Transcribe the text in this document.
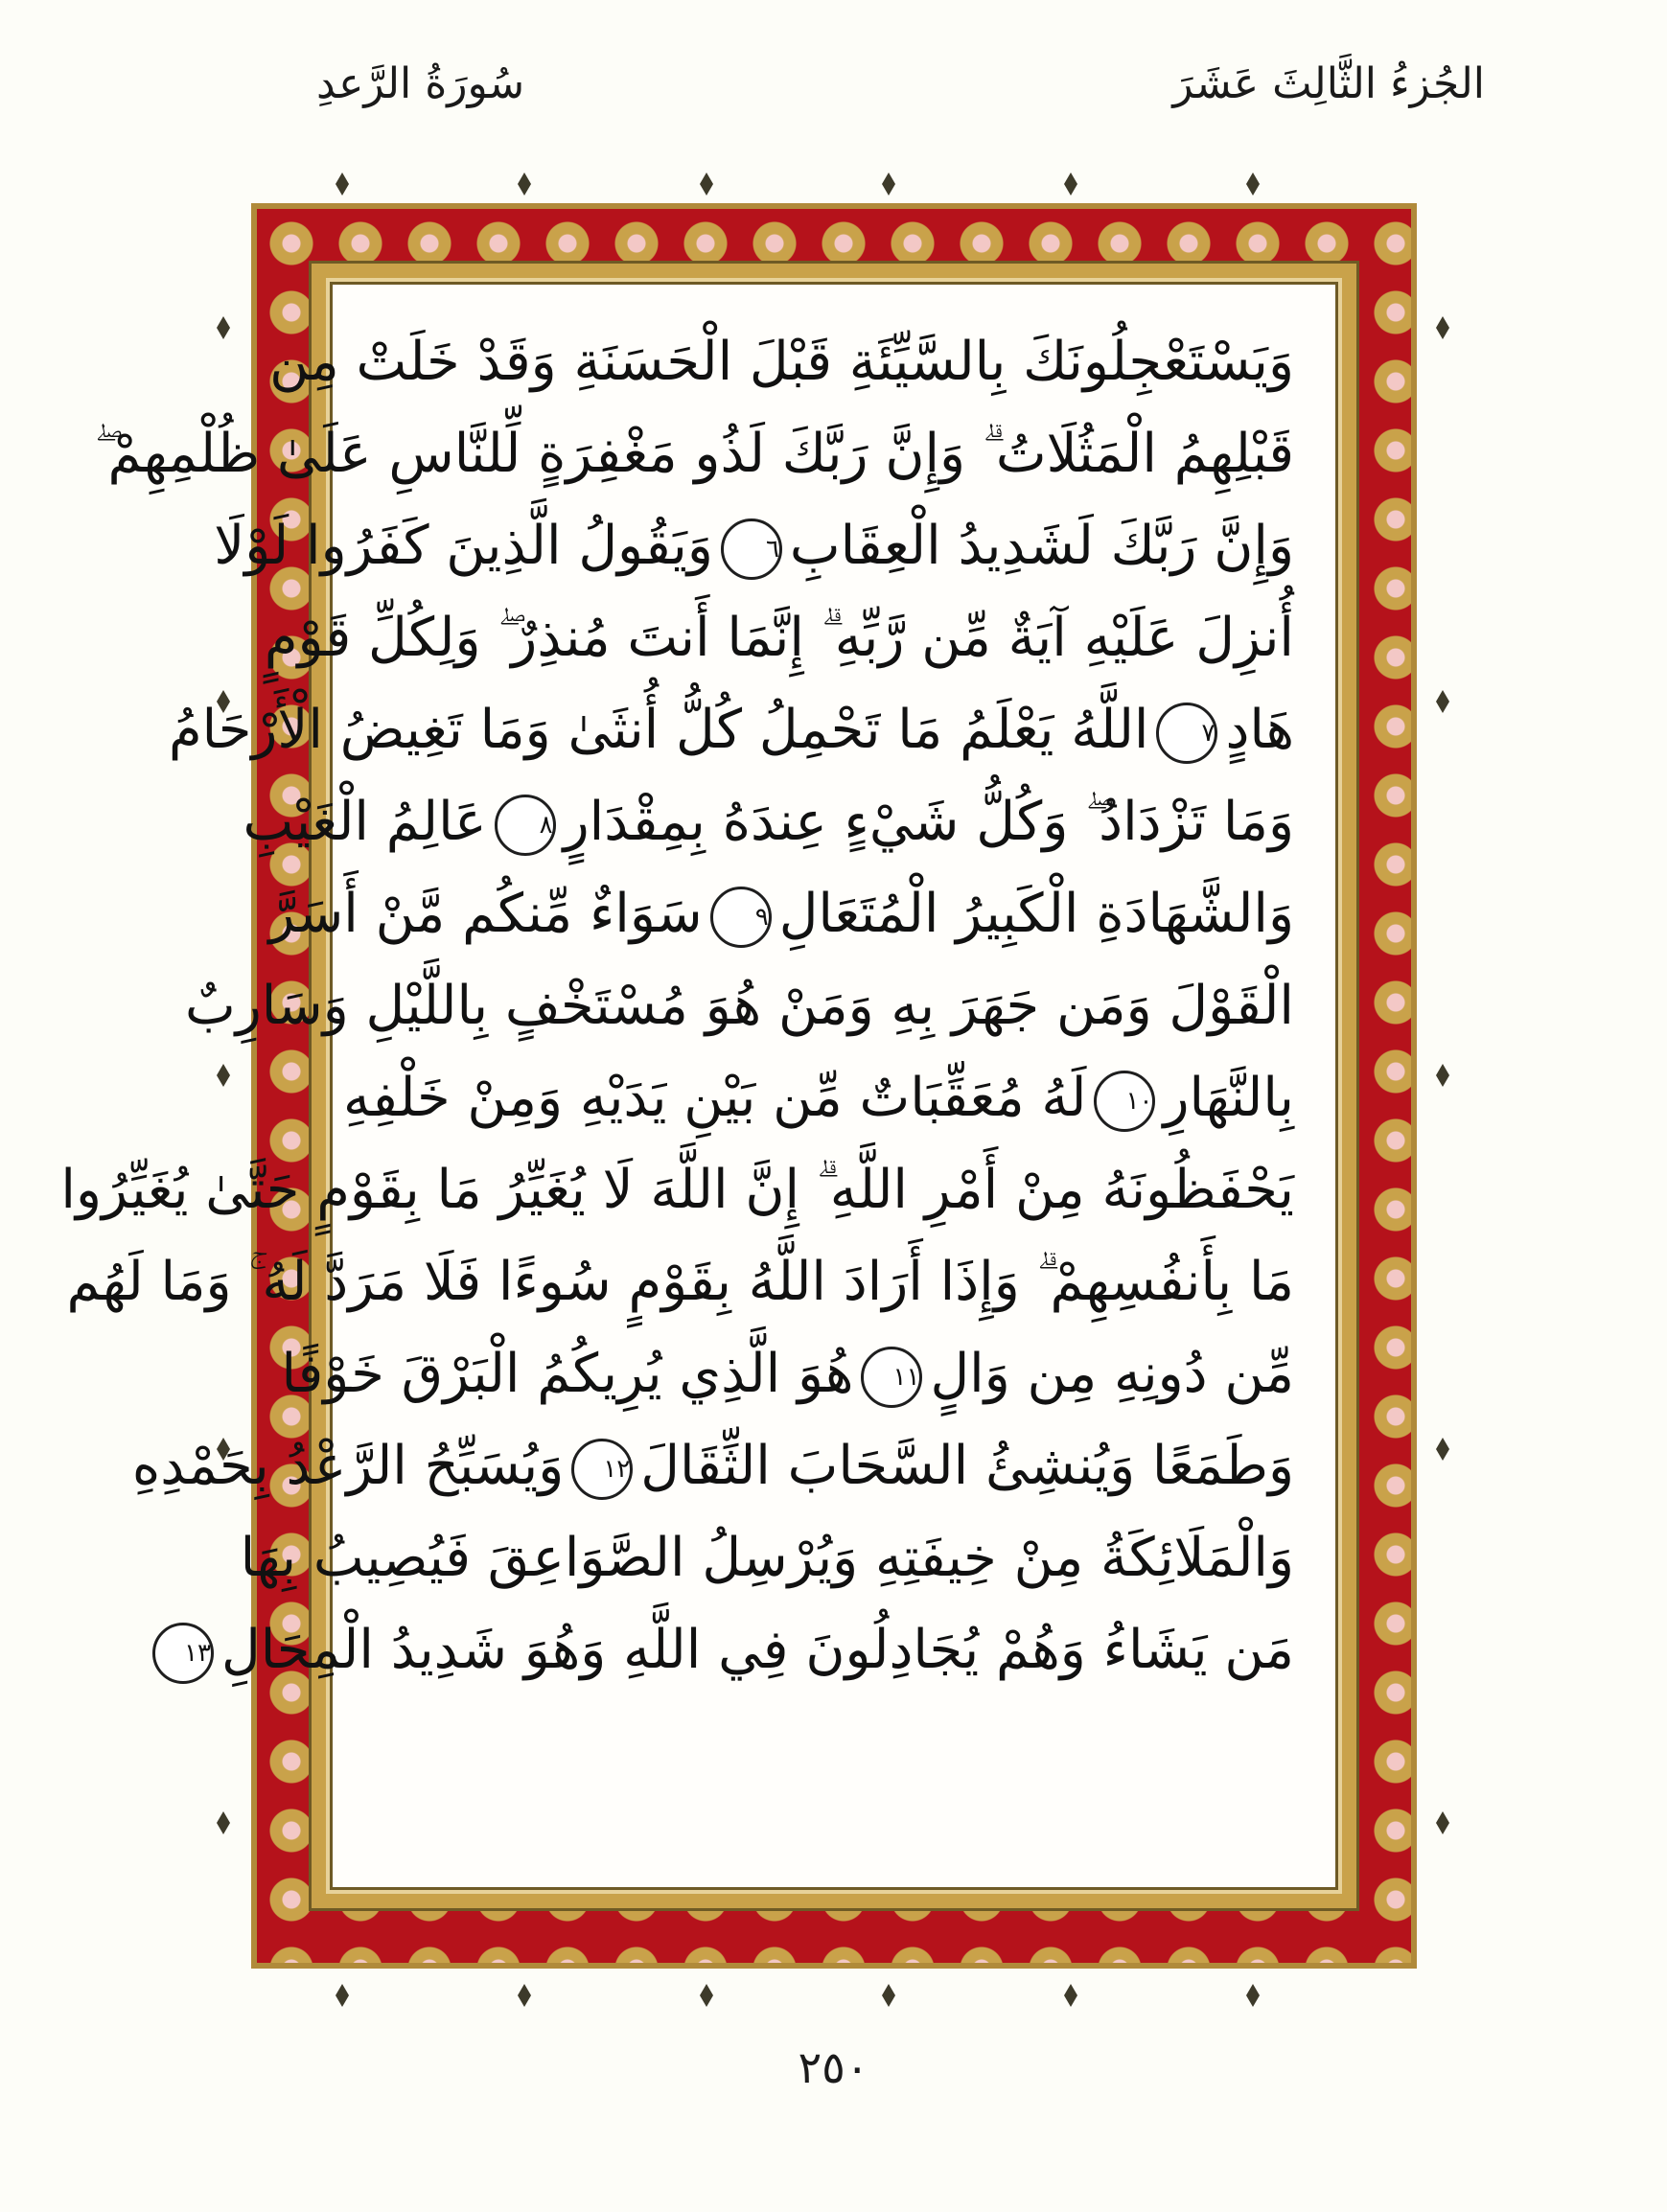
الجُزءُ الثَّالِثَ عَشَرَ
سُورَةُ الرَّعدِ
وَيَسْتَعْجِلُونَكَ بِالسَّيِّئَةِ قَبْلَ الْحَسَنَةِ وَقَدْ خَلَتْ مِن
قَبْلِهِمُ الْمَثُلَاتُ ۗ وَإِنَّ رَبَّكَ لَذُو مَغْفِرَةٍ لِّلنَّاسِ عَلَىٰ ظُلْمِهِمْ ۖ
وَإِنَّ رَبَّكَ لَشَدِيدُ الْعِقَابِ٦وَيَقُولُ الَّذِينَ كَفَرُوا لَوْلَا
أُنزِلَ عَلَيْهِ آيَةٌ مِّن رَّبِّهِ ۗ إِنَّمَا أَنتَ مُنذِرٌ ۖ وَلِكُلِّ قَوْمٍ
هَادٍ٧اللَّهُ يَعْلَمُ مَا تَحْمِلُ كُلُّ أُنثَىٰ وَمَا تَغِيضُ الْأَرْحَامُ
وَمَا تَزْدَادُ ۖ وَكُلُّ شَيْءٍ عِندَهُ بِمِقْدَارٍ٨عَالِمُ الْغَيْبِ
وَالشَّهَادَةِ الْكَبِيرُ الْمُتَعَالِ٩سَوَاءٌ مِّنكُم مَّنْ أَسَرَّ
الْقَوْلَ وَمَن جَهَرَ بِهِ وَمَنْ هُوَ مُسْتَخْفٍ بِاللَّيْلِ وَسَارِبٌ
بِالنَّهَارِ١٠لَهُ مُعَقِّبَاتٌ مِّن بَيْنِ يَدَيْهِ وَمِنْ خَلْفِهِ
يَحْفَظُونَهُ مِنْ أَمْرِ اللَّهِ ۗ إِنَّ اللَّهَ لَا يُغَيِّرُ مَا بِقَوْمٍ حَتَّىٰ يُغَيِّرُوا
مَا بِأَنفُسِهِمْ ۗ وَإِذَا أَرَادَ اللَّهُ بِقَوْمٍ سُوءًا فَلَا مَرَدَّ لَهُ ۚ وَمَا لَهُم
مِّن دُونِهِ مِن وَالٍ١١هُوَ الَّذِي يُرِيكُمُ الْبَرْقَ خَوْفًا
وَطَمَعًا وَيُنشِئُ السَّحَابَ الثِّقَالَ١٢وَيُسَبِّحُ الرَّعْدُ بِحَمْدِهِ
وَالْمَلَائِكَةُ مِنْ خِيفَتِهِ وَيُرْسِلُ الصَّوَاعِقَ فَيُصِيبُ بِهَا
مَن يَشَاءُ وَهُمْ يُجَادِلُونَ فِي اللَّهِ وَهُوَ شَدِيدُ الْمِحَالِ١٣
٢٥٠
